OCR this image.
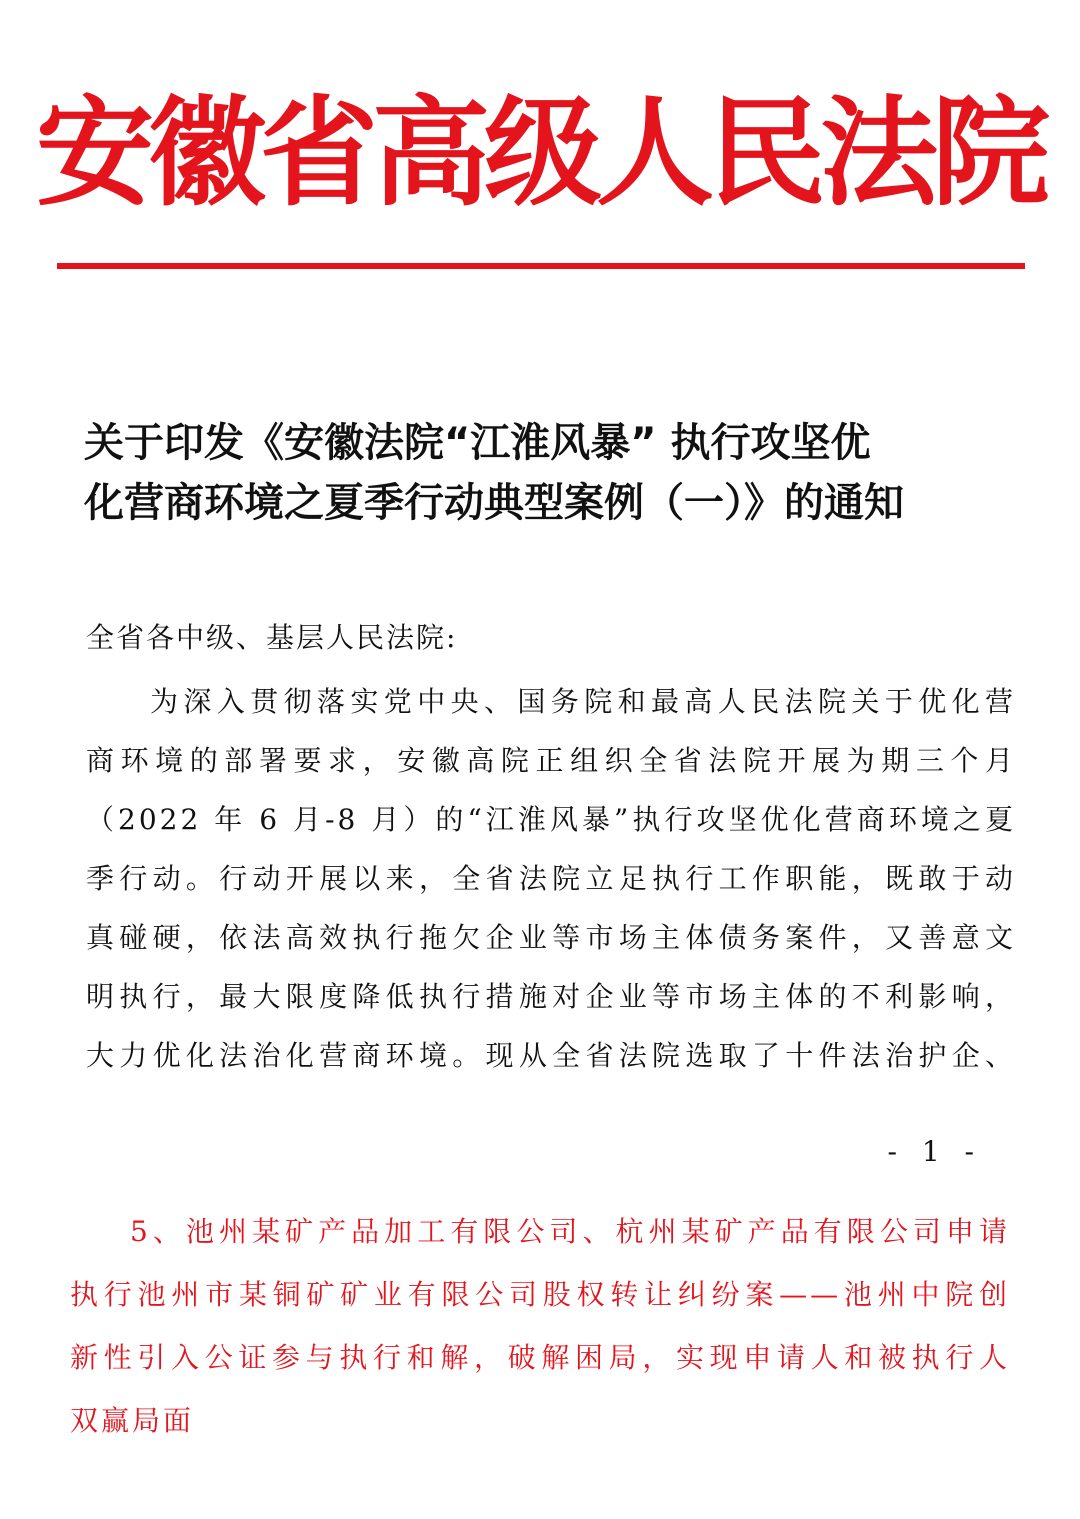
安徽省高级人民法院
关于印发《安徽法院“江淮风暴” 执行攻坚优
化营商环境之夏季行动典型案例（一）》的通知
全省各中级、基层人民法院:
为深入贯彻落实党中央、国务院和最高人民法院关于优化营
商环境的部署要求，安徽高院正组织全省法院开展为期三个月
（2022 年 6 月-8 月）的“江淮风暴”执行攻坚优化营商环境之夏
季行动。行动开展以来，全省法院立足执行工作职能，既敢于动
真碰硬，依法高效执行拖欠企业等市场主体债务案件，又善意文
明执行，最大限度降低执行措施对企业等市场主体的不利影响，
大力优化法治化营商环境。现从全省法院选取了十件法治护企、
- 1 -
5、池州某矿产品加工有限公司、杭州某矿产品有限公司申请
执行池州市某铜矿矿业有限公司股权转让纠纷案——池州中院创
新性引入公证参与执行和解，破解困局，实现申请人和被执行人
双赢局面
